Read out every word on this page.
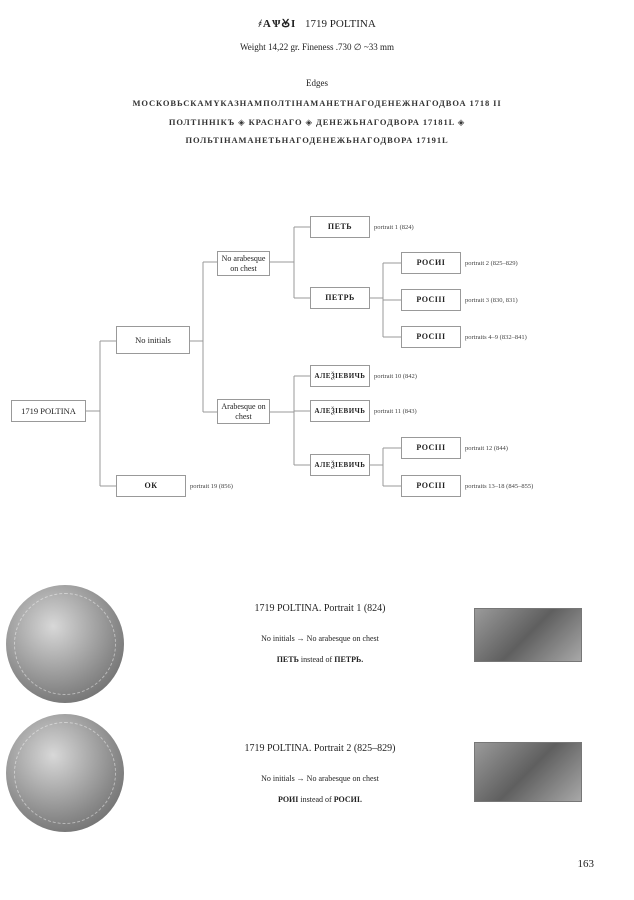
҂АѰꙊІ 1719 POLTINA
Weight 14,22 gr. Fineness .730 ∅ ~33 mm
Edges
МОСКОВЬСКАМҮКАЗНАМПОЛТІНАМАНЕТНАГОДЕНЕЖНАГОДВОА 1718 II
ПОЛТІННІКЪ ◈ КРАСНАГО ◈ ДЕНЕЖЬНАГОДВОРА 17181L ◈
ПОЛЬТІНАМАНЕТЬНАГОДЕНЕЖЬНАГОДВОРА 17191L
1719 POLTINA
No initials
No arabesque on chest
Arabesque on chest
ПЕТЬ
ПЕТРЬ
РОСИІ
РОСІІІ
РОСІІІ
АЛЕѮІЕВИЧЬ
АЛЕѮІЕВИЧЬ
АЛЕѮІЕВИЧЬ
РОСІІІ
РОСІІІ
ОК
portrait 1 (824)
portrait 2 (825–829)
portrait 3 (830, 831)
portraits 4–9 (832–841)
portrait 10 (842)
portrait 11 (843)
portrait 12 (844)
portraits 13–18 (845–855)
portrait 19 (856)
1719 POLTINA. Portrait 1 (824)
No initials → No arabesque on chest
ПЕТЬ instead of ПЕТРЬ.
1719 POLTINA. Portrait 2 (825–829)
No initials → No arabesque on chest
РОИІ instead of РОСИІ.
163
